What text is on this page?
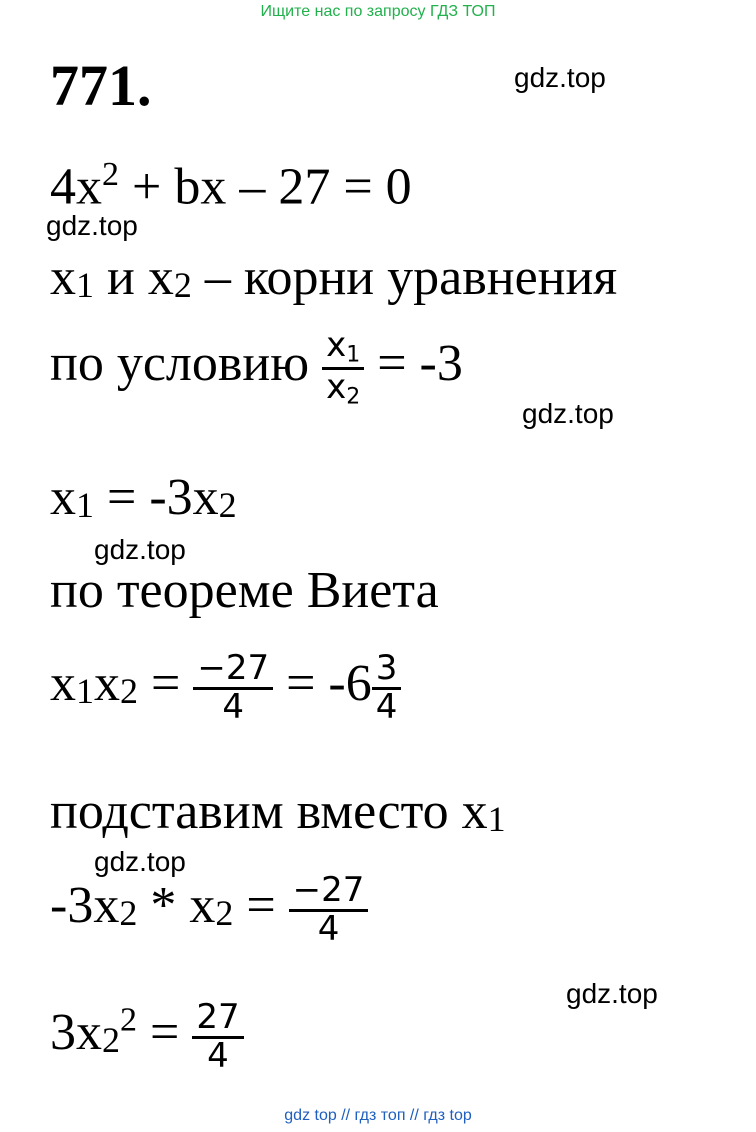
Ищите нас по запросу ГДЗ ТОП
771.	gdz.top
$4x^2$ + bx – 27 = 0
gdz.top
$x_1$ и $x_2$ – корни уравнения
по условию $\frac{x_1}{x_2} = -3$
gdz.top
$x_1 = -3x_2$
gdz.top
по теореме Виета
$x_1x_2 = \frac{-27}{4} = -6 \frac{3}{4}$
подставим вместо $x_1$
gdz.top
$-3x_2 * x_2 = \frac{-27}{4}$
gdz.top
$3x_2^2 = \frac{27}{4}$
gdz top // гдз топ // гдз top
